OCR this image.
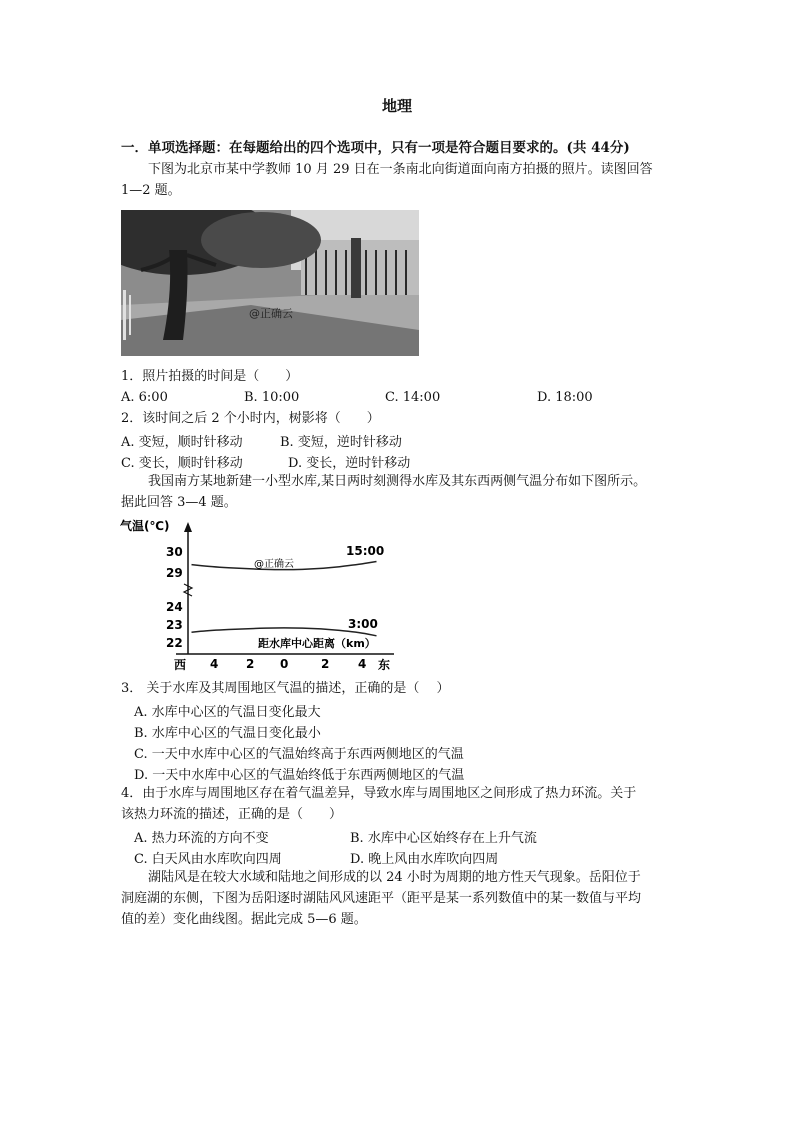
地理
一．单项选择题：在每题给出的四个选项中，只有一项是符合题目要求的。(共 44分)
下图为北京市某中学教师 10 月 29 日在一条南北向街道面向南方拍摄的照片。读图回答
1—2 题。
@正确云
1．照片拍摄的时间是（　　）
A. 6:00	B. 10:00	C. 14:00	D. 18:00
2．该时间之后 2 个小时内，树影将（　　）
A. 变短，顺时针移动	B. 变短，逆时针移动
C. 变长，顺时针移动	D. 变长，逆时针移动
我国南方某地新建一小型水库,某日两时刻测得水库及其东西两侧气温分布如下图所示。
据此回答 3—4 题。
气温(℃)
30
29
24
23
22
西 4 2 0	2 4 东
距水库中心距离（km）
15:00
3:00
@正确云
3． 关于水库及其周围地区气温的描述，正确的是（　 ）
A. 水库中心区的气温日变化最大
B. 水库中心区的气温日变化最小
C. 一天中水库中心区的气温始终高于东西两侧地区的气温
D. 一天中水库中心区的气温始终低于东西两侧地区的气温
4．由于水库与周围地区存在着气温差异，导致水库与周围地区之间形成了热力环流。关于
该热力环流的描述，正确的是（　　）
A. 热力环流的方向不变	B. 水库中心区始终存在上升气流
C. 白天风由水库吹向四周	D. 晚上风由水库吹向四周
湖陆风是在较大水域和陆地之间形成的以 24 小时为周期的地方性天气现象。岳阳位于
洞庭湖的东侧，下图为岳阳逐时湖陆风风速距平（距平是某一系列数值中的某一数值与平均
值的差）变化曲线图。据此完成 5—6 题。
